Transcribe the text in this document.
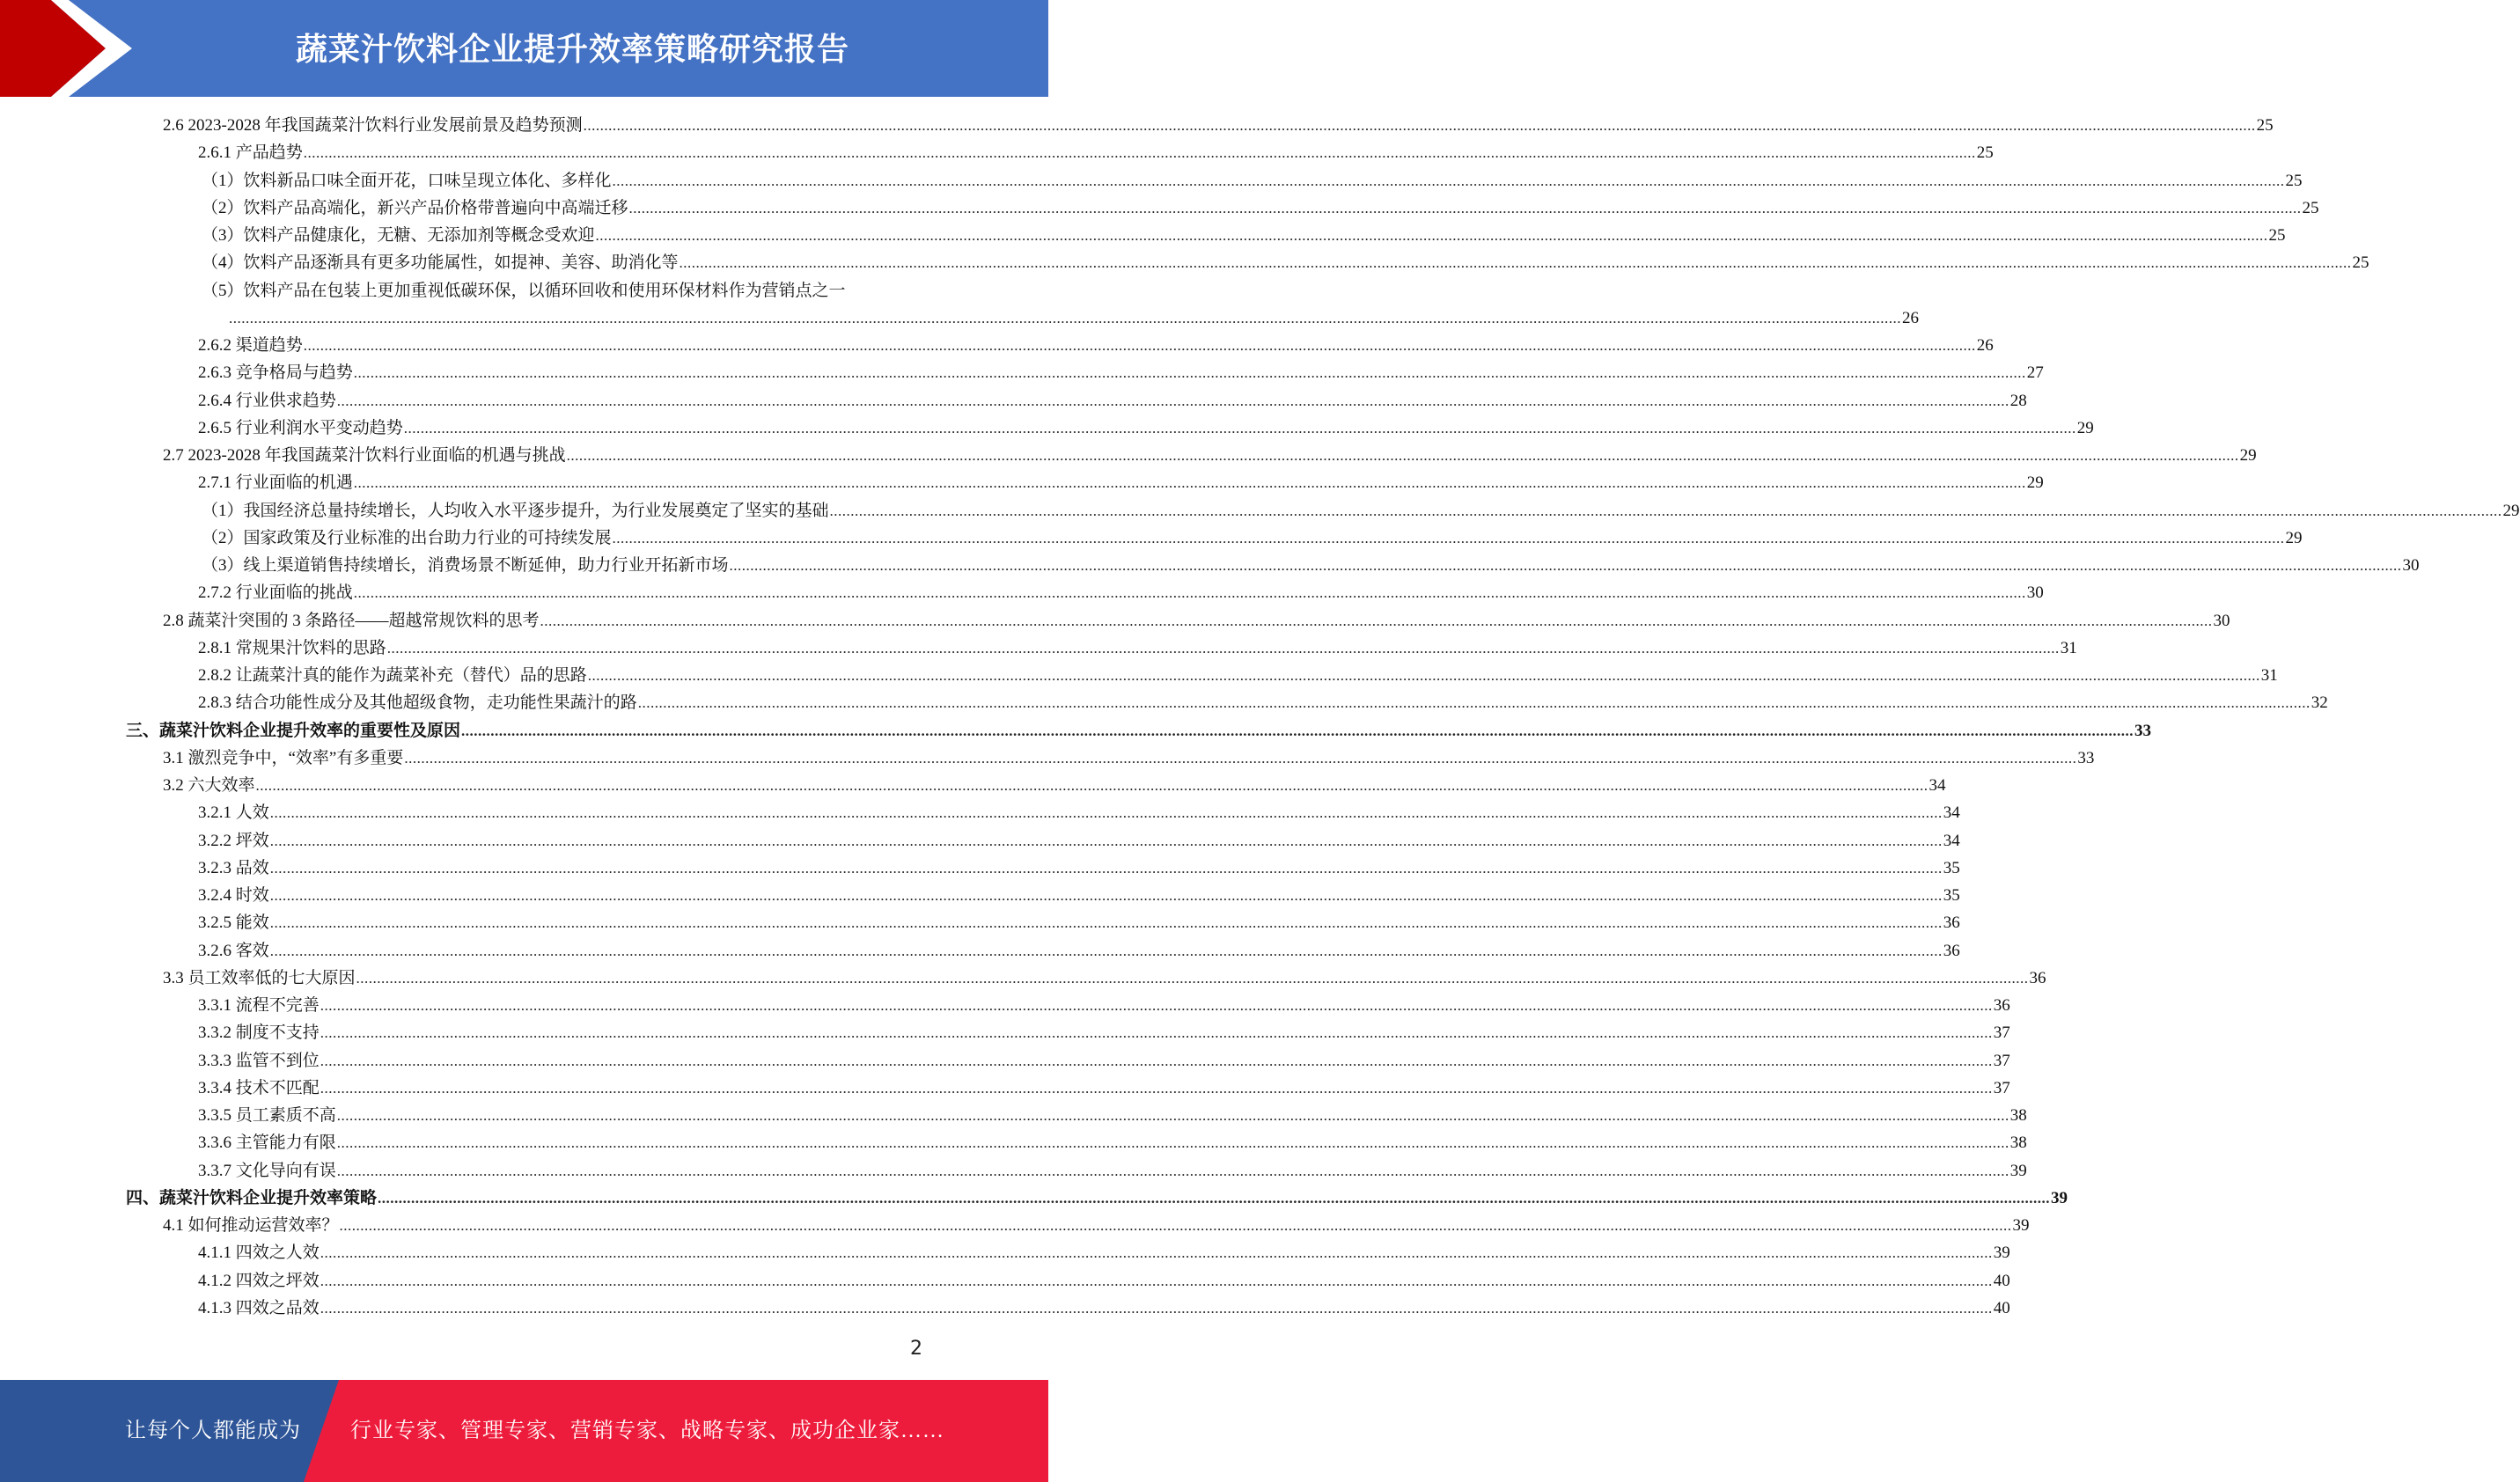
蔬菜汁饮料企业提升效率策略研究报告
2.6 2023-2028 年我国蔬菜汁饮料行业发展前景及趋势预测 ................................................................................................................................................................................................................................................................................................................................................................................................................ 25
2.6.1 产品趋势 ................................................................................................................................................................................................................................................................................................................................................................................................................ 25
（1）饮料新品口味全面开花，口味呈现立体化、多样化 ................................................................................................................................................................................................................................................................................................................................................................................................................ 25
（2）饮料产品高端化，新兴产品价格带普遍向中高端迁移 ................................................................................................................................................................................................................................................................................................................................................................................................................ 25
（3）饮料产品健康化，无糖、无添加剂等概念受欢迎 ................................................................................................................................................................................................................................................................................................................................................................................................................ 25
（4）饮料产品逐渐具有更多功能属性，如提神、美容、助消化等 ................................................................................................................................................................................................................................................................................................................................................................................................................ 25
（5）饮料产品在包装上更加重视低碳环保，以循环回收和使用环保材料作为营销点之一
................................................................................................................................................................................................................................................................................................................................................................................................................ 26
2.6.2 渠道趋势 ................................................................................................................................................................................................................................................................................................................................................................................................................ 26
2.6.3 竞争格局与趋势 ................................................................................................................................................................................................................................................................................................................................................................................................................ 27
2.6.4 行业供求趋势 ................................................................................................................................................................................................................................................................................................................................................................................................................ 28
2.6.5 行业利润水平变动趋势 ................................................................................................................................................................................................................................................................................................................................................................................................................ 29
2.7 2023-2028 年我国蔬菜汁饮料行业面临的机遇与挑战 ................................................................................................................................................................................................................................................................................................................................................................................................................ 29
2.7.1 行业面临的机遇 ................................................................................................................................................................................................................................................................................................................................................................................................................ 29
（1）我国经济总量持续增长，人均收入水平逐步提升，为行业发展奠定了坚实的基础 ................................................................................................................................................................................................................................................................................................................................................................................................................ 29
（2）国家政策及行业标准的出台助力行业的可持续发展 ................................................................................................................................................................................................................................................................................................................................................................................................................ 29
（3）线上渠道销售持续增长，消费场景不断延伸，助力行业开拓新市场 ................................................................................................................................................................................................................................................................................................................................................................................................................ 30
2.7.2 行业面临的挑战 ................................................................................................................................................................................................................................................................................................................................................................................................................ 30
2.8 蔬菜汁突围的 3 条路径——超越常规饮料的思考 ................................................................................................................................................................................................................................................................................................................................................................................................................ 30
2.8.1 常规果汁饮料的思路 ................................................................................................................................................................................................................................................................................................................................................................................................................ 31
2.8.2 让蔬菜汁真的能作为蔬菜补充（替代）品的思路 ................................................................................................................................................................................................................................................................................................................................................................................................................ 31
2.8.3 结合功能性成分及其他超级食物，走功能性果蔬汁的路 ................................................................................................................................................................................................................................................................................................................................................................................................................ 32
三、蔬菜汁饮料企业提升效率的重要性及原因 ................................................................................................................................................................................................................................................................................................................................................................................................................ 33
3.1 激烈竞争中，“效率”有多重要 ................................................................................................................................................................................................................................................................................................................................................................................................................ 33
3.2 六大效率 ................................................................................................................................................................................................................................................................................................................................................................................................................ 34
3.2.1 人效 ................................................................................................................................................................................................................................................................................................................................................................................................................ 34
3.2.2 坪效 ................................................................................................................................................................................................................................................................................................................................................................................................................ 34
3.2.3 品效 ................................................................................................................................................................................................................................................................................................................................................................................................................ 35
3.2.4 时效 ................................................................................................................................................................................................................................................................................................................................................................................................................ 35
3.2.5 能效 ................................................................................................................................................................................................................................................................................................................................................................................................................ 36
3.2.6 客效 ................................................................................................................................................................................................................................................................................................................................................................................................................ 36
3.3 员工效率低的七大原因 ................................................................................................................................................................................................................................................................................................................................................................................................................ 36
3.3.1 流程不完善 ................................................................................................................................................................................................................................................................................................................................................................................................................ 36
3.3.2 制度不支持 ................................................................................................................................................................................................................................................................................................................................................................................................................ 37
3.3.3 监管不到位 ................................................................................................................................................................................................................................................................................................................................................................................................................ 37
3.3.4 技术不匹配 ................................................................................................................................................................................................................................................................................................................................................................................................................ 37
3.3.5 员工素质不高 ................................................................................................................................................................................................................................................................................................................................................................................................................ 38
3.3.6 主管能力有限 ................................................................................................................................................................................................................................................................................................................................................................................................................ 38
3.3.7 文化导向有误 ................................................................................................................................................................................................................................................................................................................................................................................................................ 39
四、蔬菜汁饮料企业提升效率策略 ................................................................................................................................................................................................................................................................................................................................................................................................................ 39
4.1 如何推动运营效率？ ................................................................................................................................................................................................................................................................................................................................................................................................................ 39
4.1.1 四效之人效 ................................................................................................................................................................................................................................................................................................................................................................................................................ 39
4.1.2 四效之坪效 ................................................................................................................................................................................................................................................................................................................................................................................................................ 40
4.1.3 四效之品效 ................................................................................................................................................................................................................................................................................................................................................................................................................ 40
2
让每个人都能成为 行业专家、管理专家、营销专家、战略专家、成功企业家……
